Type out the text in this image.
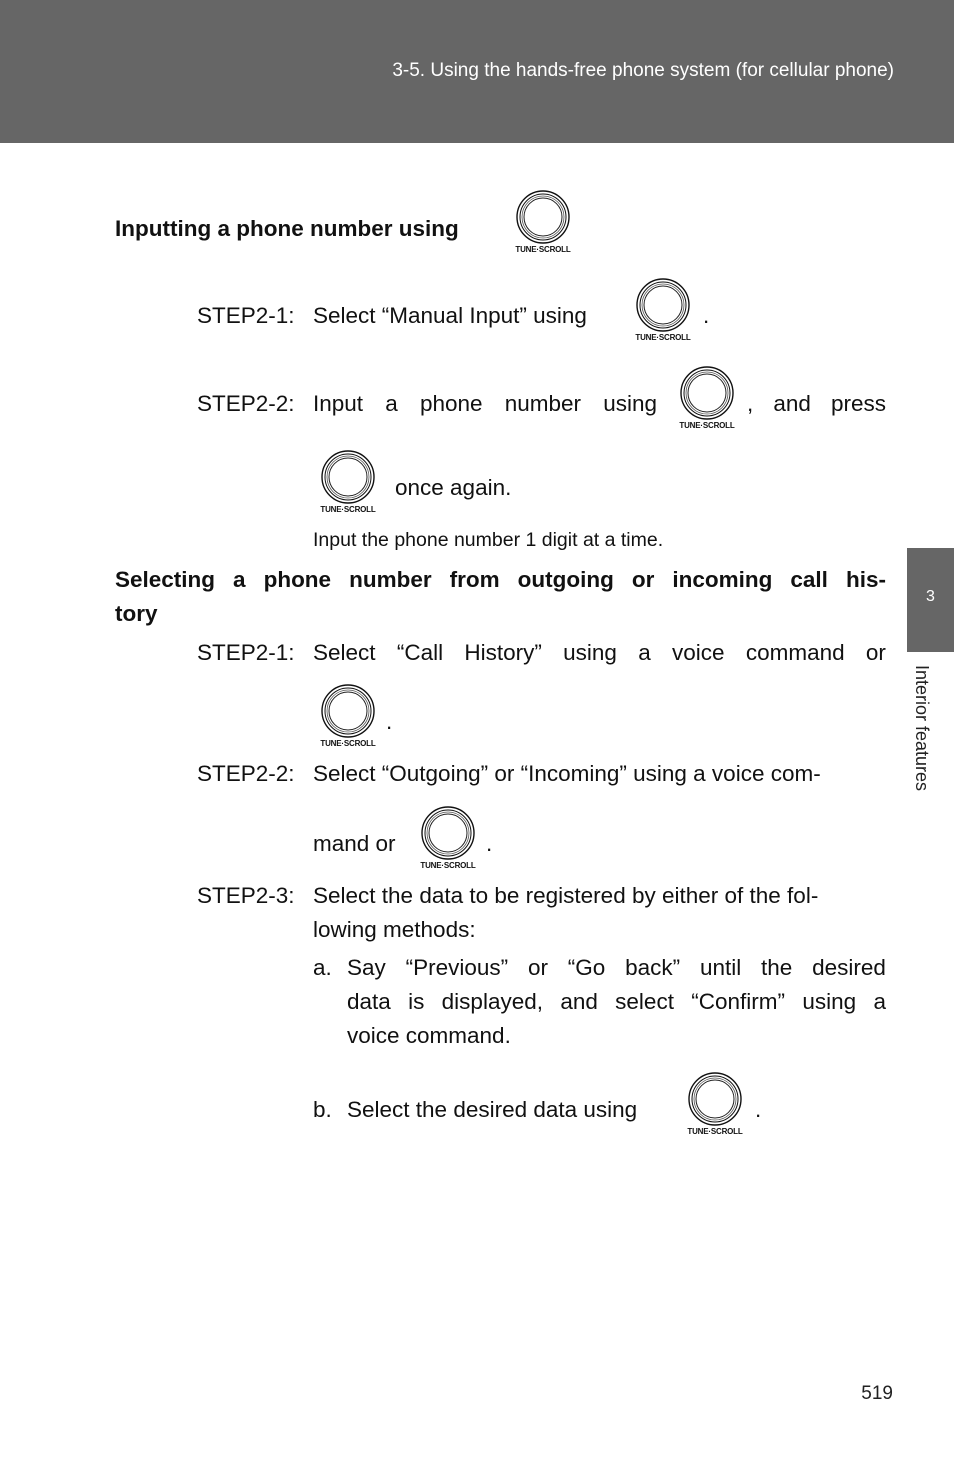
3-5. Using the hands-free phone system (for cellular phone)
3
Interior features
Inputting a phone number using
TUNE·SCROLL
STEP2-1: Select “Manual Input” using
TUNE·SCROLL
.
STEP2-2: Input a phone number using
TUNE·SCROLL
, and press
TUNE·SCROLL
once again.
Input the phone number 1 digit at a time.
Selecting a phone number from outgoing or incoming call his-
tory
STEP2-1: Select “Call History” using a voice command or
TUNE·SCROLL
.
STEP2-2: Select “Outgoing” or “Incoming” using a voice com-
mand or
TUNE·SCROLL
.
STEP2-3: Select the data to be registered by either of the fol-
lowing methods:
a. Say “Previous” or “Go back” until the desired
data is displayed, and select “Confirm” using a
voice command.
b. Select the desired data using
TUNE·SCROLL
.
519
